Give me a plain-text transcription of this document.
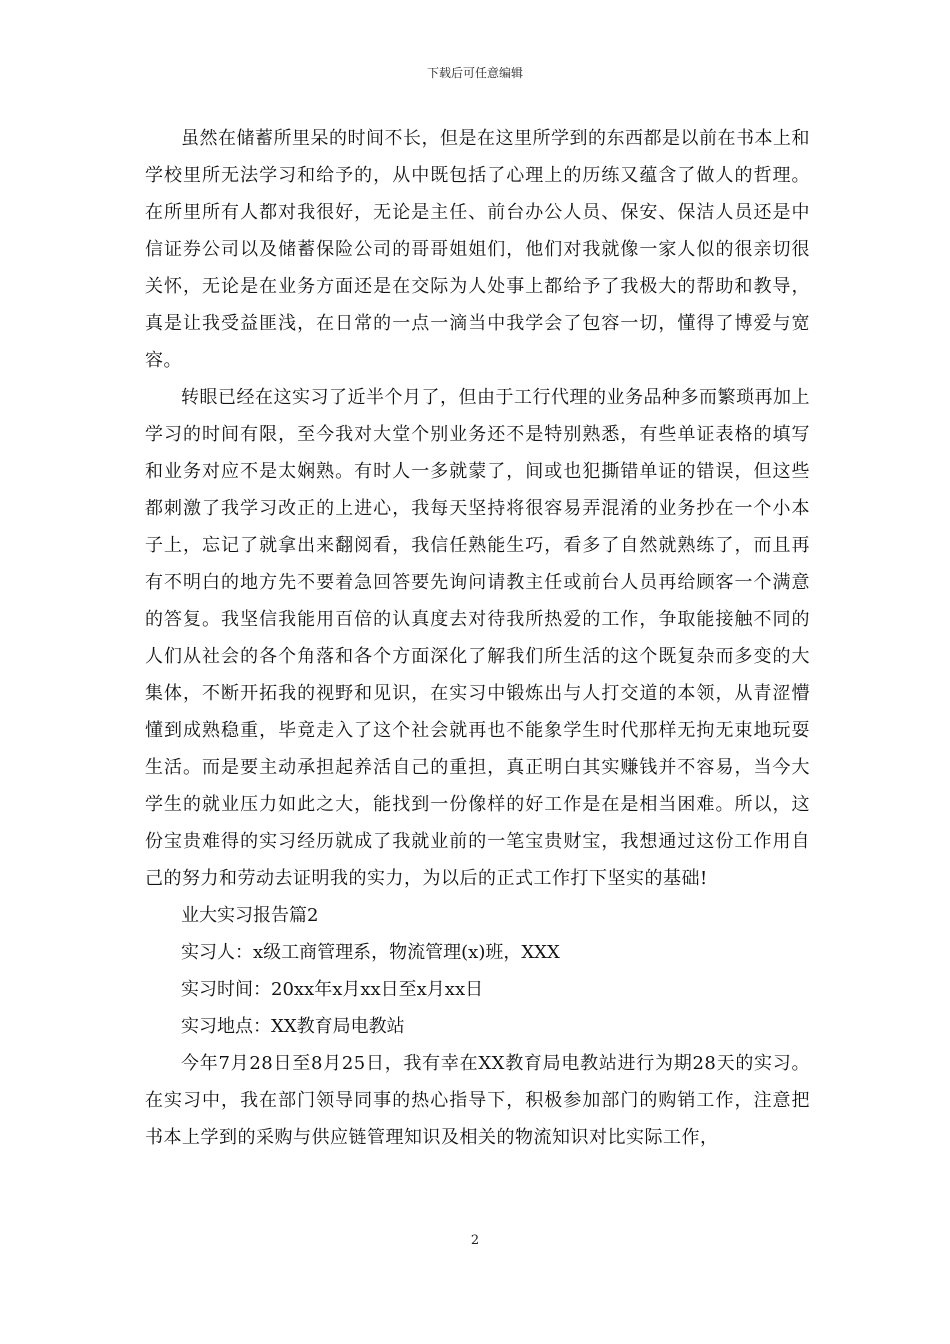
下载后可任意编辑

虽然在储蓄所里呆的时间不长，但是在这里所学到的东西都是以前在书本上和学校里所无法学习和给予的，从中既包括了心理上的历练又蕴含了做人的哲理。在所里所有人都对我很好，无论是主任、前台办公人员、保安、保洁人员还是中信证券公司以及储蓄保险公司的哥哥姐姐们，他们对我就像一家人似的很亲切很关怀，无论是在业务方面还是在交际为人处事上都给予了我极大的帮助和教导，真是让我受益匪浅，在日常的一点一滴当中我学会了包容一切，懂得了博爱与宽容。

转眼已经在这实习了近半个月了，但由于工行代理的业务品种多而繁琐再加上学习的时间有限，至今我对大堂个别业务还不是特别熟悉，有些单证表格的填写和业务对应不是太娴熟。有时人一多就蒙了，间或也犯撕错单证的错误，但这些都刺激了我学习改正的上进心，我每天坚持将很容易弄混淆的业务抄在一个小本子上，忘记了就拿出来翻阅看，我信任熟能生巧，看多了自然就熟练了，而且再有不明白的地方先不要着急回答要先询问请教主任或前台人员再给顾客一个满意的答复。我坚信我能用百倍的认真度去对待我所热爱的工作，争取能接触不同的人们从社会的各个角落和各个方面深化了解我们所生活的这个既复杂而多变的大集体，不断开拓我的视野和见识，在实习中锻炼出与人打交道的本领，从青涩懵懂到成熟稳重，毕竟走入了这个社会就再也不能象学生时代那样无拘无束地玩耍生活。而是要主动承担起养活自己的重担，真正明白其实赚钱并不容易，当今大学生的就业压力如此之大，能找到一份像样的好工作是在是相当困难。所以，这份宝贵难得的实习经历就成了我就业前的一笔宝贵财宝，我想通过这份工作用自己的努力和劳动去证明我的实力，为以后的正式工作打下坚实的基础!

业大实习报告篇2

实习人：x级工商管理系，物流管理(x)班，XXX

实习时间：20xx年x月xx日至x月xx日

实习地点：XX教育局电教站

今年7月28日至8月25日，我有幸在XX教育局电教站进行为期28天的实习。在实习中，我在部门领导同事的热心指导下，积极参加部门的购销工作，注意把书本上学到的采购与供应链管理知识及相关的物流知识对比实际工作，

2
